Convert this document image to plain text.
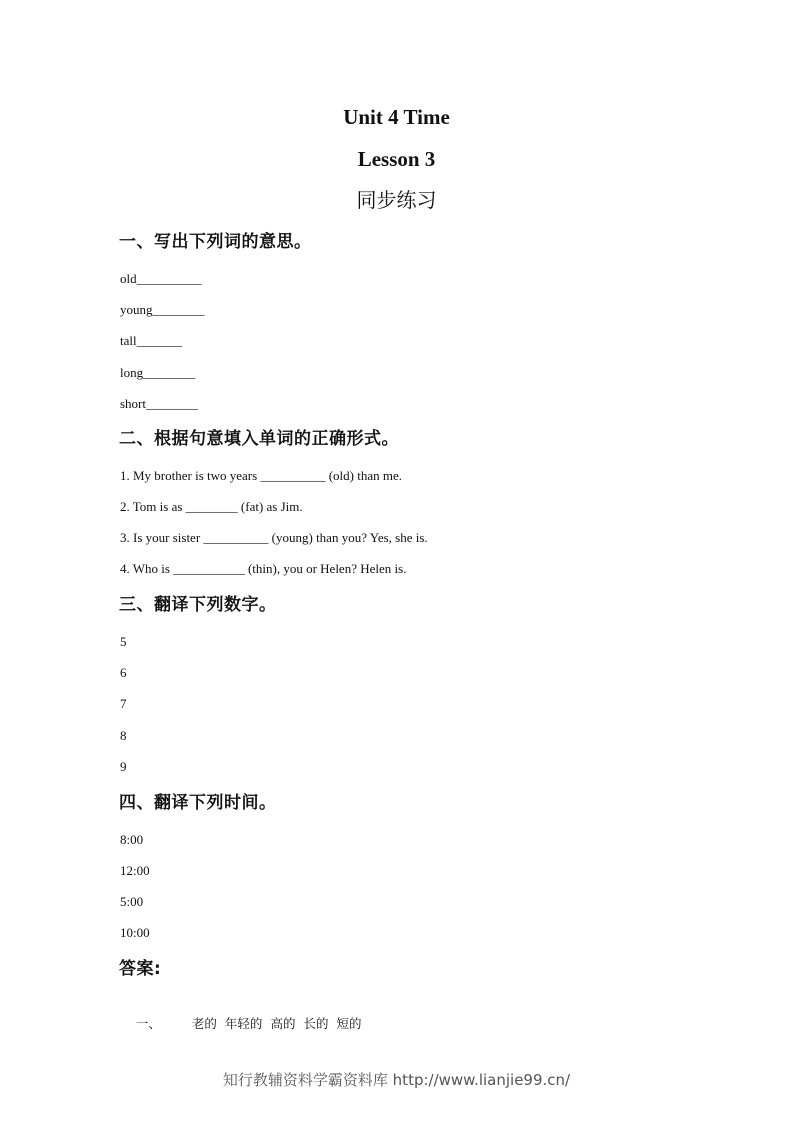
Unit 4 Time
Lesson 3
同步练习
一、写出下列词的意思。
old__________
young________
tall_______
long________
short________
二、根据句意填入单词的正确形式。
1. My brother is two years __________ (old) than me.
2. Tom is as ________ (fat) as Jim.
3. Is your sister __________ (young) than you? Yes, she is.
4. Who is ___________ (thin), you or Helen? Helen is.
三、翻译下列数字。
5
6
7
8
9
四、翻译下列时间。
8:00
12:00
5:00
10:00
答案:

一、 老的 年轻的 高的 长的 短的

知行教辅资料学霸资料库 http://www.lianjie99.cn/
